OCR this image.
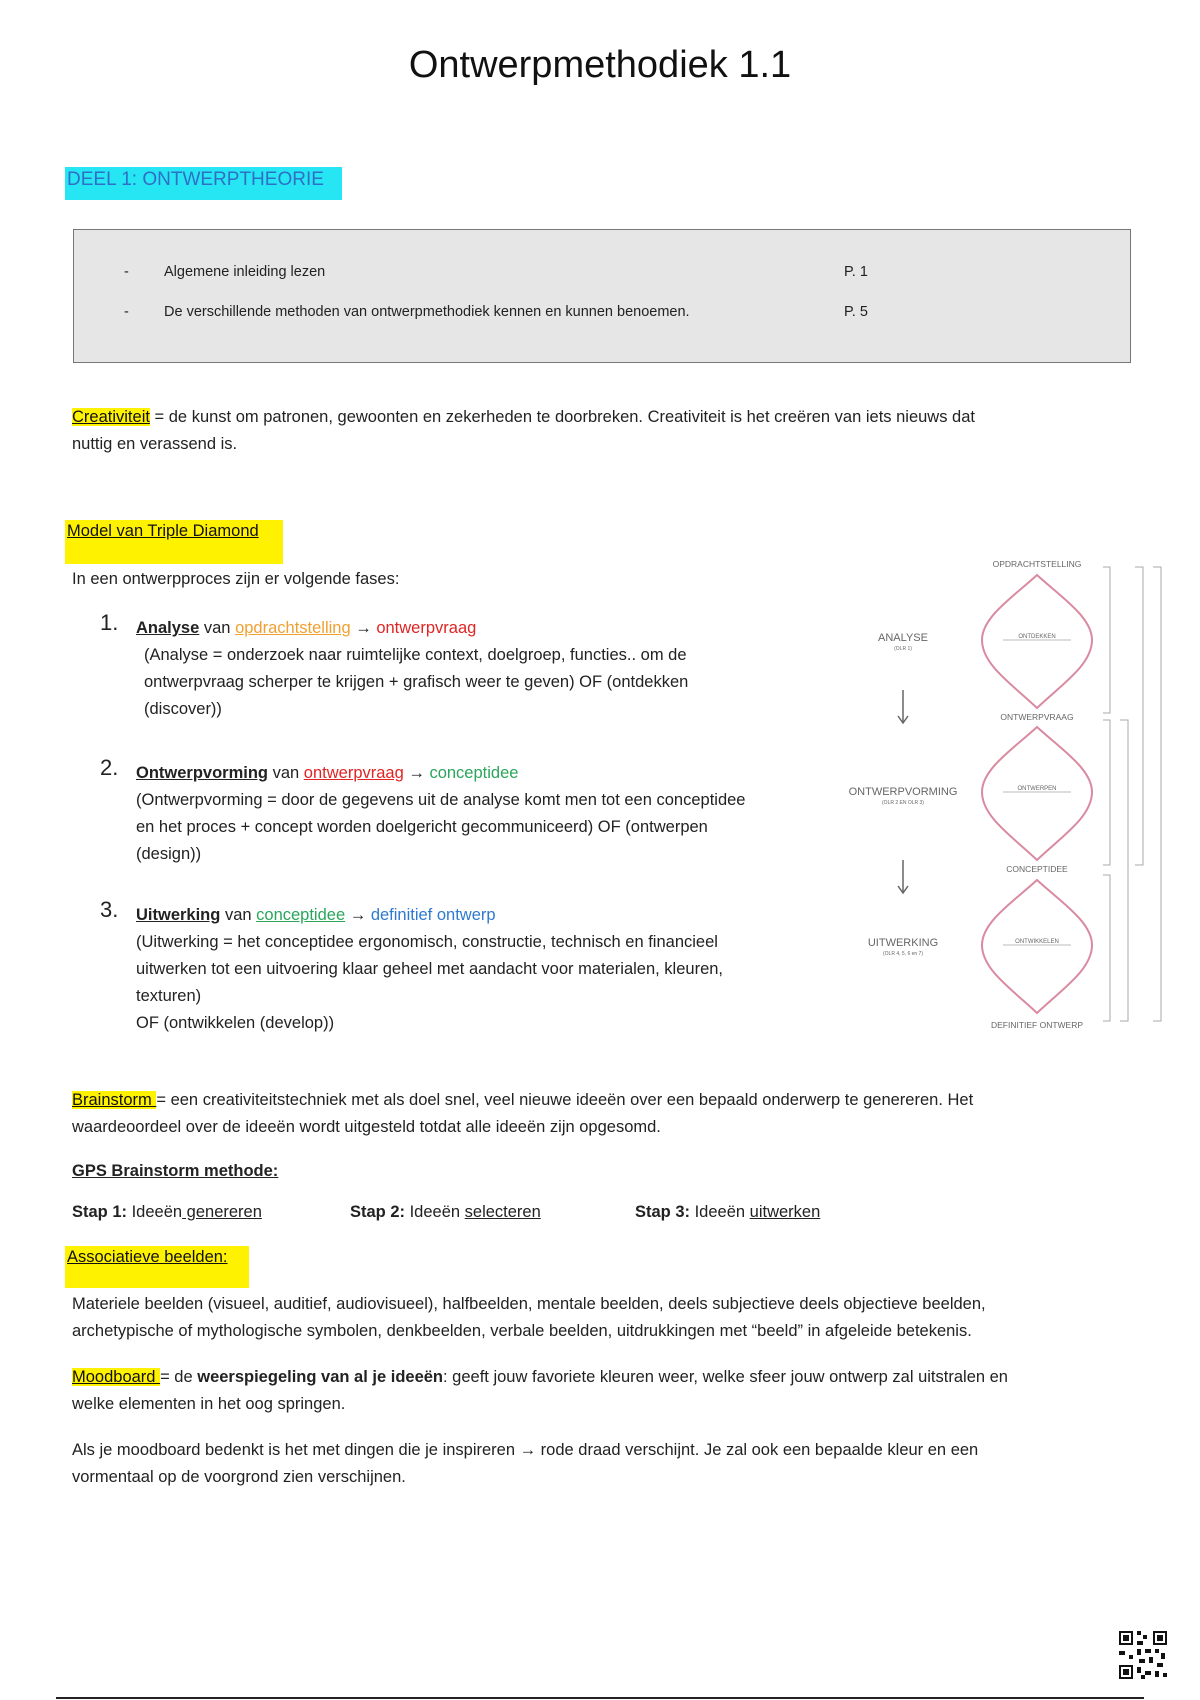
Ontwerpmethodiek 1.1
DEEL 1: ONTWERPTHEORIE
- Algemene inleiding lezen	P. 1
- De verschillende methoden van ontwerpmethodiek kennen en kunnen benoemen.	P. 5
Creativiteit = de kunst om patronen, gewoonten en zekerheden te doorbreken. Creativiteit is het creëren van iets nieuws dat
nuttig en verassend is.
Model van Triple Diamond
In een ontwerpproces zijn er volgende fases:
1. Analyse van opdrachtstelling → ontwerpvraag
(Analyse = onderzoek naar ruimtelijke context, doelgroep, functies.. om de
ontwerpvraag scherper te krijgen + grafisch weer te geven) OF (ontdekken
(discover))
2. Ontwerpvorming van ontwerpvraag → conceptidee
(Ontwerpvorming = door de gegevens uit de analyse komt men tot een conceptidee
en het proces + concept worden doelgericht gecommuniceerd) OF (ontwerpen
(design))
3. Uitwerking van conceptidee → definitief ontwerp
(Uitwerking = het conceptidee ergonomisch, constructie, technisch en financieel
uitwerken tot een uitvoering klaar geheel met aandacht voor materialen, kleuren,
texturen)
OF (ontwikkelen (develop))
OPDRACHTSTELLING
ONTWERPVRAAG
CONCEPTIDEE
DEFINITIEF ONTWERP
ONTDEKKEN
ONTWERPEN
ONTWIKKELEN
ANALYSE
(OLR 1)
ONTWERPVORMING
(OLR 2 EN OLR 3)
UITWERKING
(OLR 4, 5, 6 en 7)
Brainstorm = een creativiteitstechniek met als doel snel, veel nieuwe ideeën over een bepaald onderwerp te genereren. Het
waardeoordeel over de ideeën wordt uitgesteld totdat alle ideeën zijn opgesomd.
GPS Brainstorm methode:
Stap 1: Ideeën genereren	Stap 2: Ideeën selecteren	Stap 3: Ideeën uitwerken
Associatieve beelden:
Materiele beelden (visueel, auditief, audiovisueel), halfbeelden, mentale beelden, deels subjectieve deels objectieve beelden,
archetypische of mythologische symbolen, denkbeelden, verbale beelden, uitdrukkingen met “beeld” in afgeleide betekenis.
Moodboard = de weerspiegeling van al je ideeën: geeft jouw favoriete kleuren weer, welke sfeer jouw ontwerp zal uitstralen en
welke elementen in het oog springen.
Als je moodboard bedenkt is het met dingen die je inspireren → rode draad verschijnt. Je zal ook een bepaalde kleur en een
vormentaal op de voorgrond zien verschijnen.
